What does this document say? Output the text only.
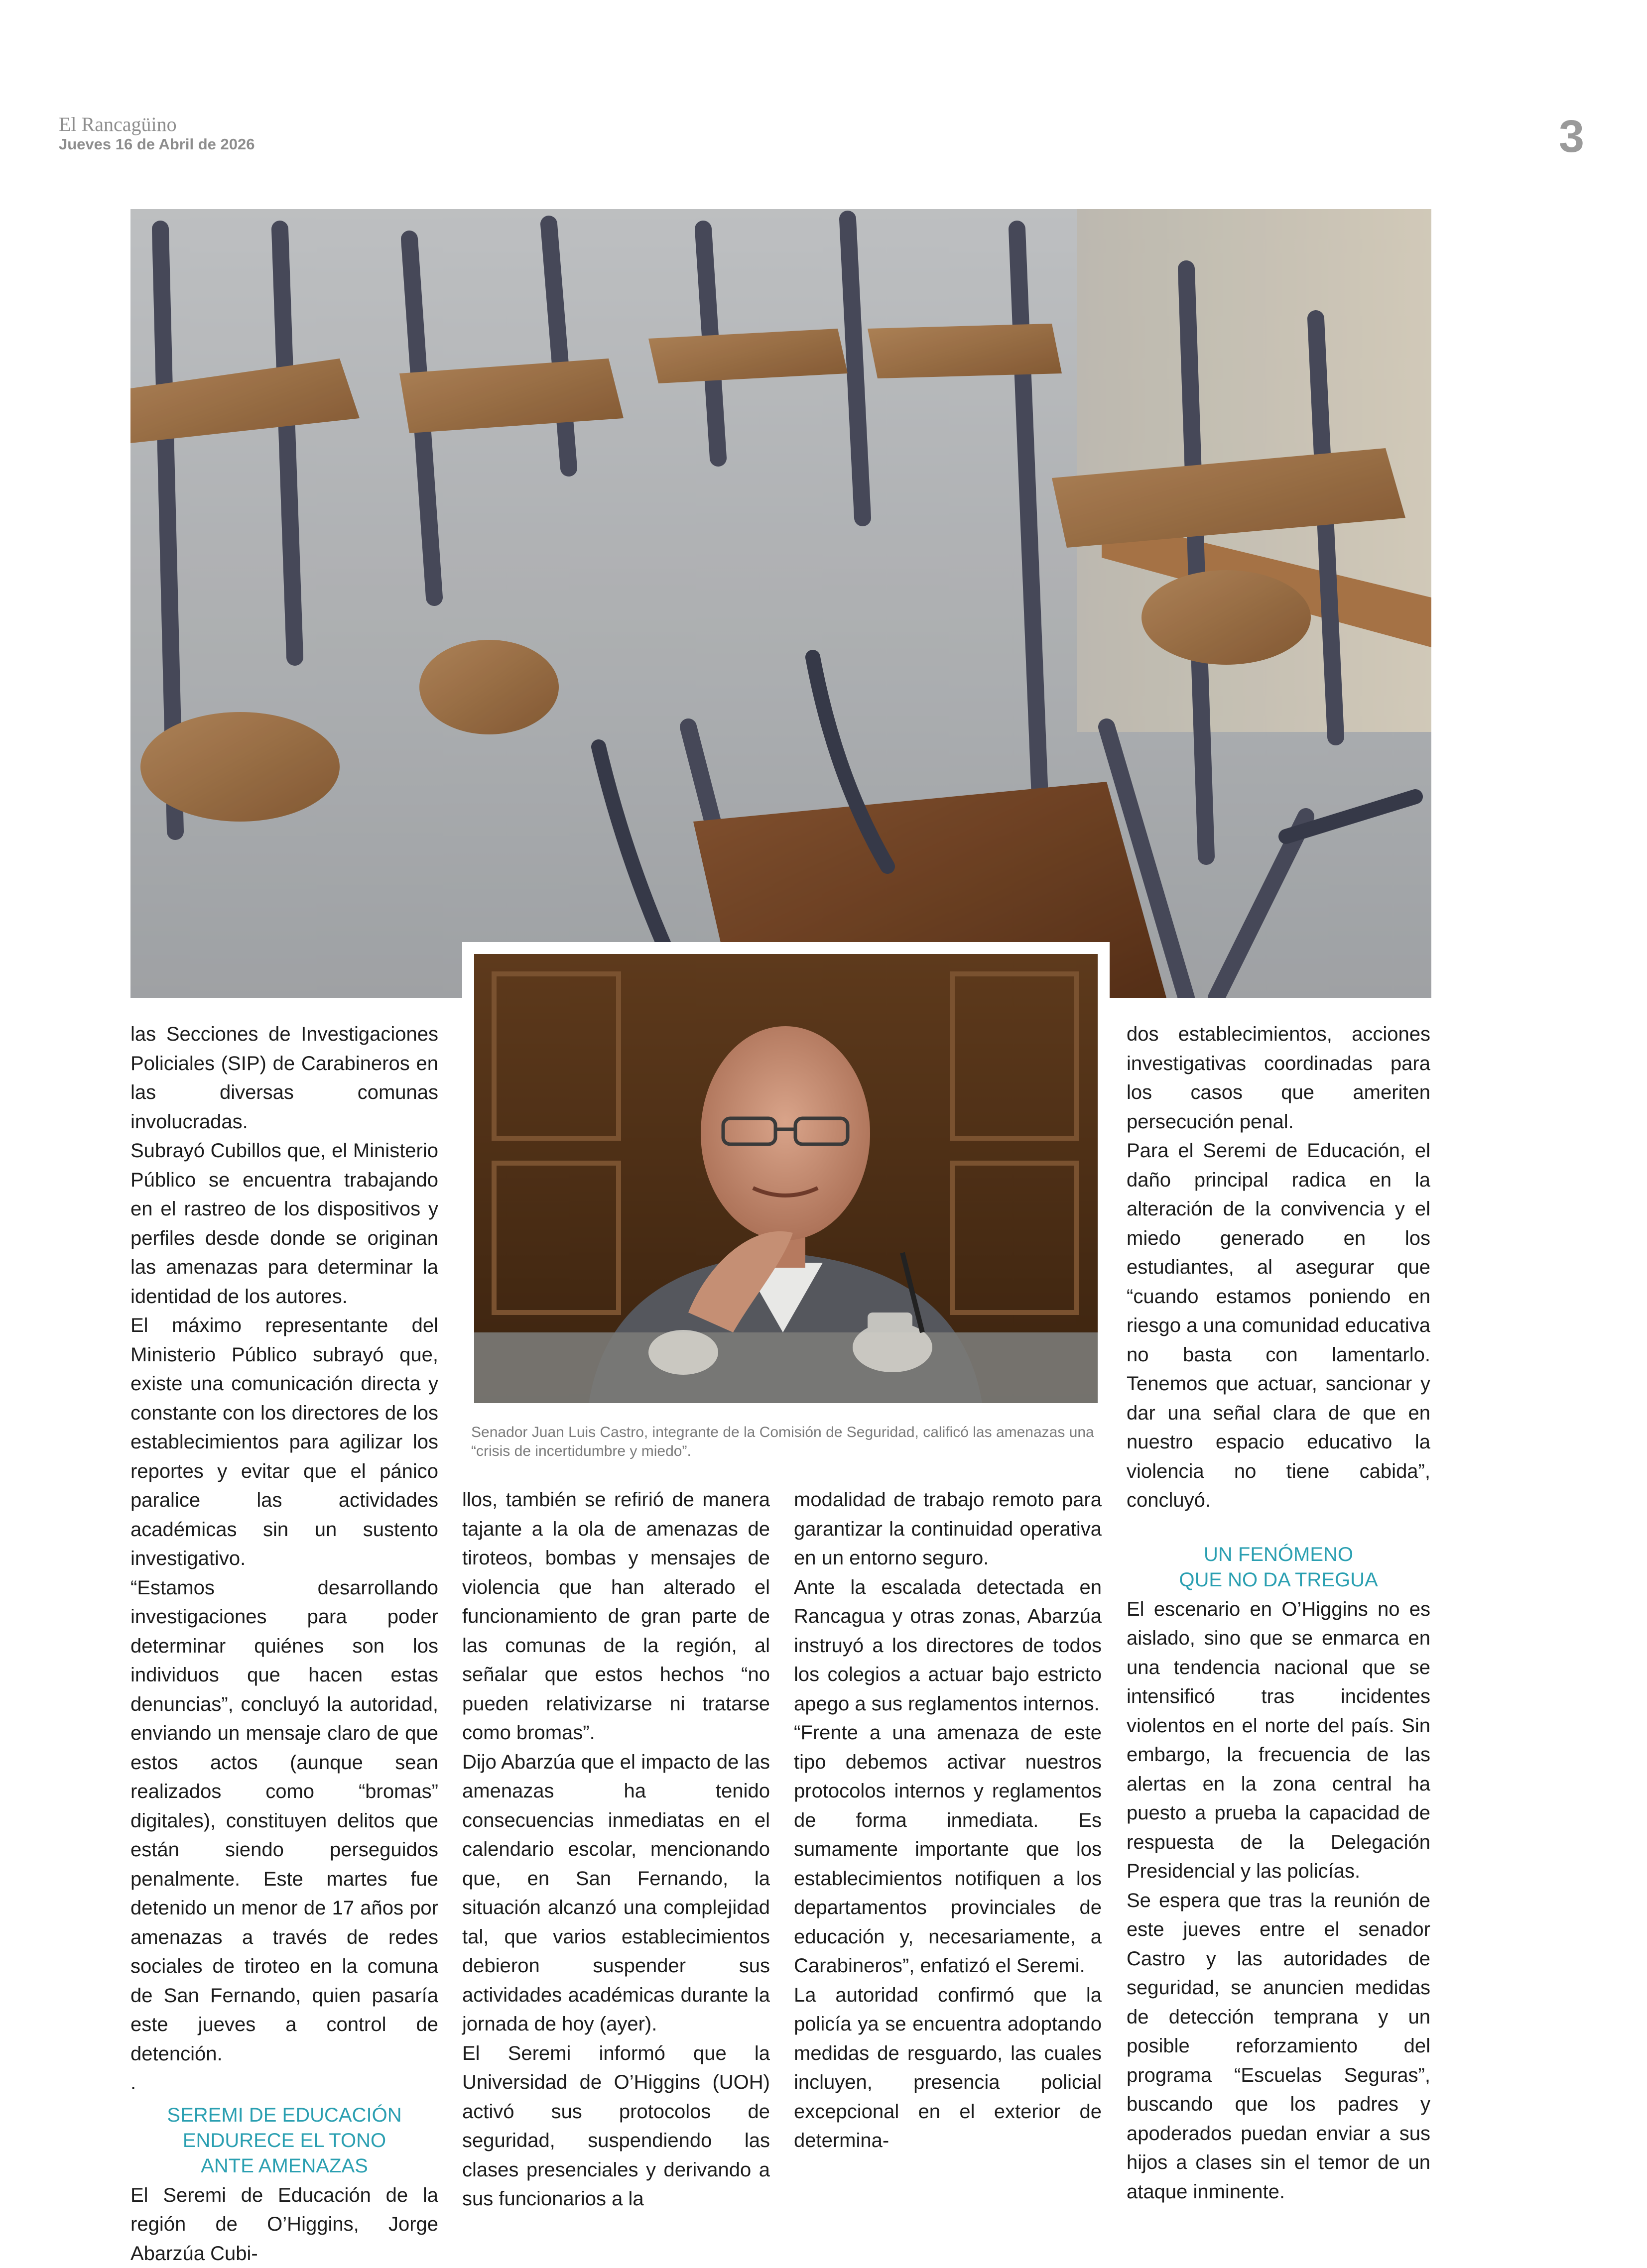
El Rancagüino
Jueves 16 de Abril de 2026	3
Senador Juan Luis Castro, integrante de la Comisión de Seguridad, calificó las amenazas una “crisis de incertidumbre y miedo”.

las Secciones de Investigaciones Policiales (SIP) de Carabineros en las diversas comunas involucradas.

Subrayó Cubillos que, el Ministerio Público se encuentra trabajando en el rastreo de los dispositivos y perfiles desde donde se originan las amenazas para determinar la identidad de los autores.

El máximo representante del Ministerio Público subrayó que, existe una comunicación directa y constante con los directores de los establecimientos para agilizar los reportes y evitar que el pánico paralice las actividades académicas sin un sustento investigativo.

“Estamos desarrollando investigaciones para poder determinar quiénes son los individuos que hacen estas denuncias”, concluyó la autoridad, enviando un mensaje claro de que estos actos (aunque sean realizados como “bromas” digitales), constituyen delitos que están siendo perseguidos penalmente. Este martes fue detenido un menor de 17 años por amenazas a través de redes sociales de tiroteo en la comuna de San Fernando, quien pasaría este jueves a control de detención.

.

SEREMI DE EDUCACIÓN
ENDURECE EL TONO
ANTE AMENAZAS

El Seremi de Educación de la región de O’Higgins, Jorge Abarzúa Cubi-

llos, también se refirió de manera tajante a la ola de amenazas de tiroteos, bombas y mensajes de violencia que han alterado el funcionamiento de gran parte de las comunas de la región, al señalar que estos hechos “no pueden relativizarse ni tratarse como bromas”.

Dijo Abarzúa que el impacto de las amenazas ha tenido consecuencias inmediatas en el calendario escolar, mencionando que, en San Fernando, la situación alcanzó una complejidad tal, que varios establecimientos debieron suspender sus actividades académicas durante la jornada de hoy (ayer).

El Seremi informó que la Universidad de O’Higgins (UOH) activó sus protocolos de seguridad, suspendiendo las clases presenciales y derivando a sus funcionarios a la

modalidad de trabajo remoto para garantizar la continuidad operativa en un entorno seguro.

Ante la escalada detectada en Rancagua y otras zonas, Abarzúa instruyó a los directores de todos los colegios a actuar bajo estricto apego a sus reglamentos internos.

“Frente a una amenaza de este tipo debemos activar nuestros protocolos internos y reglamentos de forma inmediata. Es sumamente importante que los establecimientos notifiquen a los departamentos provinciales de educación y, necesariamente, a Carabineros”, enfatizó el Seremi.

La autoridad confirmó que la policía ya se encuentra adoptando medidas de resguardo, las cuales incluyen, presencia policial excepcional en el exterior de determina-

dos establecimientos, acciones investigativas coordinadas para los casos que ameriten persecución penal.

Para el Seremi de Educación, el daño principal radica en la alteración de la convivencia y el miedo generado en los estudiantes, al asegurar que “cuando estamos poniendo en riesgo a una comunidad educativa no basta con lamentarlo. Tenemos que actuar, sancionar y dar una señal clara de que en nuestro espacio educativo la violencia no tiene cabida”, concluyó.

UN FENÓMENO
QUE NO DA TREGUA

El escenario en O’Higgins no es aislado, sino que se enmarca en una tendencia nacional que se intensificó tras incidentes violentos en el norte del país. Sin embargo, la frecuencia de las alertas en la zona central ha puesto a prueba la capacidad de respuesta de la Delegación Presidencial y las policías.

Se espera que tras la reunión de este jueves entre el senador Castro y las autoridades de seguridad, se anuncien medidas de detección temprana y un posible reforzamiento del programa “Escuelas Seguras”, buscando que los padres y apoderados puedan enviar a sus hijos a clases sin el temor de un ataque inminente.
